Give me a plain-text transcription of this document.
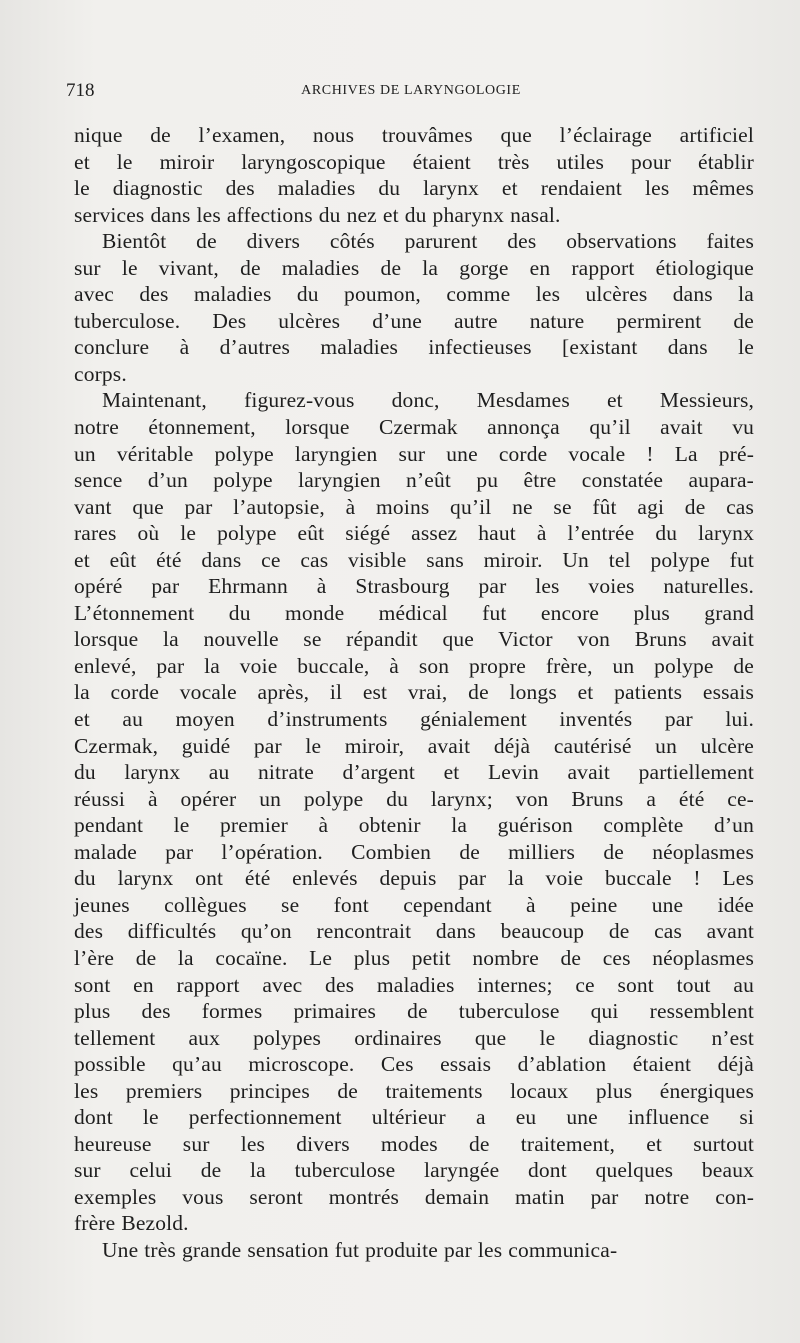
718	ARCHIVES DE LARYNGOLOGIE
nique de l’examen, nous trouvâmes que l’éclairage artificiel
et le miroir laryngoscopique étaient très utiles pour établir
le diagnostic des maladies du larynx et rendaient les mêmes
services dans les affections du nez et du pharynx nasal.
Bientôt de divers côtés parurent des observations faites
sur le vivant, de maladies de la gorge en rapport étiologique
avec des maladies du poumon, comme les ulcères dans la
tuberculose. Des ulcères d’une autre nature permirent de
conclure à d’autres maladies infectieuses [existant dans le
corps.
Maintenant, figurez-vous donc, Mesdames et Messieurs,
notre étonnement, lorsque Czermak annonça qu’il avait vu
un véritable polype laryngien sur une corde vocale ! La pré-
sence d’un polype laryngien n’eût pu être constatée aupara-
vant que par l’autopsie, à moins qu’il ne se fût agi de cas
rares où le polype eût siégé assez haut à l’entrée du larynx
et eût été dans ce cas visible sans miroir. Un tel polype fut
opéré par Ehrmann à Strasbourg par les voies naturelles.
L’étonnement du monde médical fut encore plus grand
lorsque la nouvelle se répandit que Victor von Bruns avait
enlevé, par la voie buccale, à son propre frère, un polype de
la corde vocale après, il est vrai, de longs et patients essais
et au moyen d’instruments génialement inventés par lui.
Czermak, guidé par le miroir, avait déjà cautérisé un ulcère
du larynx au nitrate d’argent et Levin avait partiellement
réussi à opérer un polype du larynx; von Bruns a été ce-
pendant le premier à obtenir la guérison complète d’un
malade par l’opération. Combien de milliers de néoplasmes
du larynx ont été enlevés depuis par la voie buccale ! Les
jeunes collègues se font cependant à peine une idée
des difficultés qu’on rencontrait dans beaucoup de cas avant
l’ère de la cocaïne. Le plus petit nombre de ces néoplasmes
sont en rapport avec des maladies internes; ce sont tout au
plus des formes primaires de tuberculose qui ressemblent
tellement aux polypes ordinaires que le diagnostic n’est
possible qu’au microscope. Ces essais d’ablation étaient déjà
les premiers principes de traitements locaux plus énergiques
dont le perfectionnement ultérieur a eu une influence si
heureuse sur les divers modes de traitement, et surtout
sur celui de la tuberculose laryngée dont quelques beaux
exemples vous seront montrés demain matin par notre con-
frère Bezold.
Une très grande sensation fut produite par les communica-
